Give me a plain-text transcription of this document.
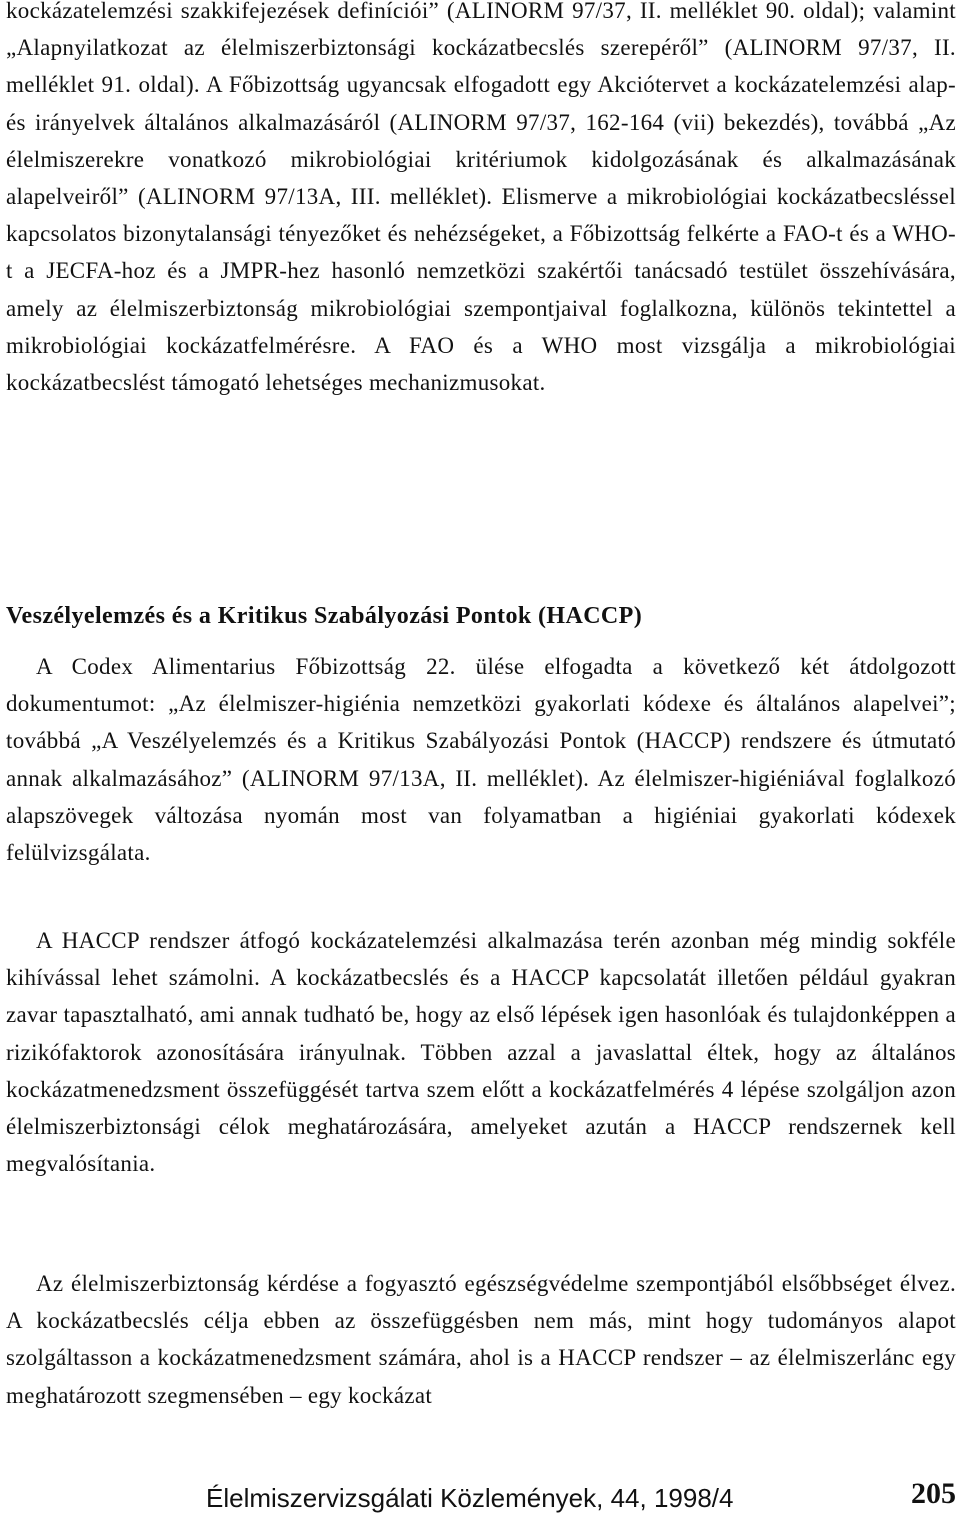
kockázatelemzési szakkifejezések definíciói” (ALINORM 97/37, II. melléklet 90. oldal); valamint „Alapnyilatkozat az élelmiszerbiztonsági kockázatbecslés szerepéről” (ALINORM 97/37, II. melléklet 91. oldal). A Főbizottság ugyancsak elfogadott egy Akciótervet a kockázatelemzési alap- és irányelvek általános alkalmazásáról (ALINORM 97/37, 162-164 (vii) bekezdés), továbbá „Az élelmiszerekre vonatkozó mikrobiológiai kritériumok kidolgozásának és alkalmazásának alapelveiről” (ALINORM 97/13A, III. melléklet). Elismerve a mikrobiológiai kockázatbecsléssel kapcsolatos bizonytalansági tényezőket és nehézségeket, a Főbizottság felkérte a FAO-t és a WHO-t a JECFA-hoz és a JMPR-hez hasonló nemzetközi szakértői tanácsadó testület összehívására, amely az élelmiszerbiztonság mikrobiológiai szempontjaival foglalkozna, különös tekintettel a mikrobiológiai kockázatfelmérésre. A FAO és a WHO most vizsgálja a mikrobiológiai kockázatbecslést támogató lehetséges mechanizmusokat.

Veszélyelemzés és a Kritikus Szabályozási Pontok (HACCP)

A Codex Alimentarius Főbizottság 22. ülése elfogadta a következő két átdolgozott dokumentumot: „Az élelmiszer-higiénia nemzetközi gyakorlati kódexe és általános alapelvei”; továbbá „A Veszélyelemzés és a Kritikus Szabályozási Pontok (HACCP) rendszere és útmutató annak alkalmazásához” (ALINORM 97/13A, II. melléklet). Az élelmiszer-higiéniával foglalkozó alapszövegek változása nyomán most van folyamatban a higiéniai gyakorlati kódexek felülvizsgálata.

A HACCP rendszer átfogó kockázatelemzési alkalmazása terén azonban még mindig sokféle kihívással lehet számolni. A kockázatbecslés és a HACCP kapcsolatát illetően például gyakran zavar tapasztalható, ami annak tudható be, hogy az első lépések igen hasonlóak és tulajdonképpen a rizikófaktorok azonosítására irányulnak. Többen azzal a javaslattal éltek, hogy az általános kockázatmenedzsment összefüggését tartva szem előtt a kockázatfelmérés 4 lépése szolgáljon azon élelmiszerbiztonsági célok meghatározására, amelyeket azután a HACCP rendszernek kell megvalósítania.

Az élelmiszerbiztonság kérdése a fogyasztó egészségvédelme szempontjából elsőbbséget élvez. A kockázatbecslés célja ebben az összefüggésben nem más, mint hogy tudományos alapot szolgáltasson a kockázatmenedzsment számára, ahol is a HACCP rendszer – az élelmiszerlánc egy meghatározott szegmensében – egy kockázat

Élelmiszervizsgálati Közlemények, 44, 1998/4	205
